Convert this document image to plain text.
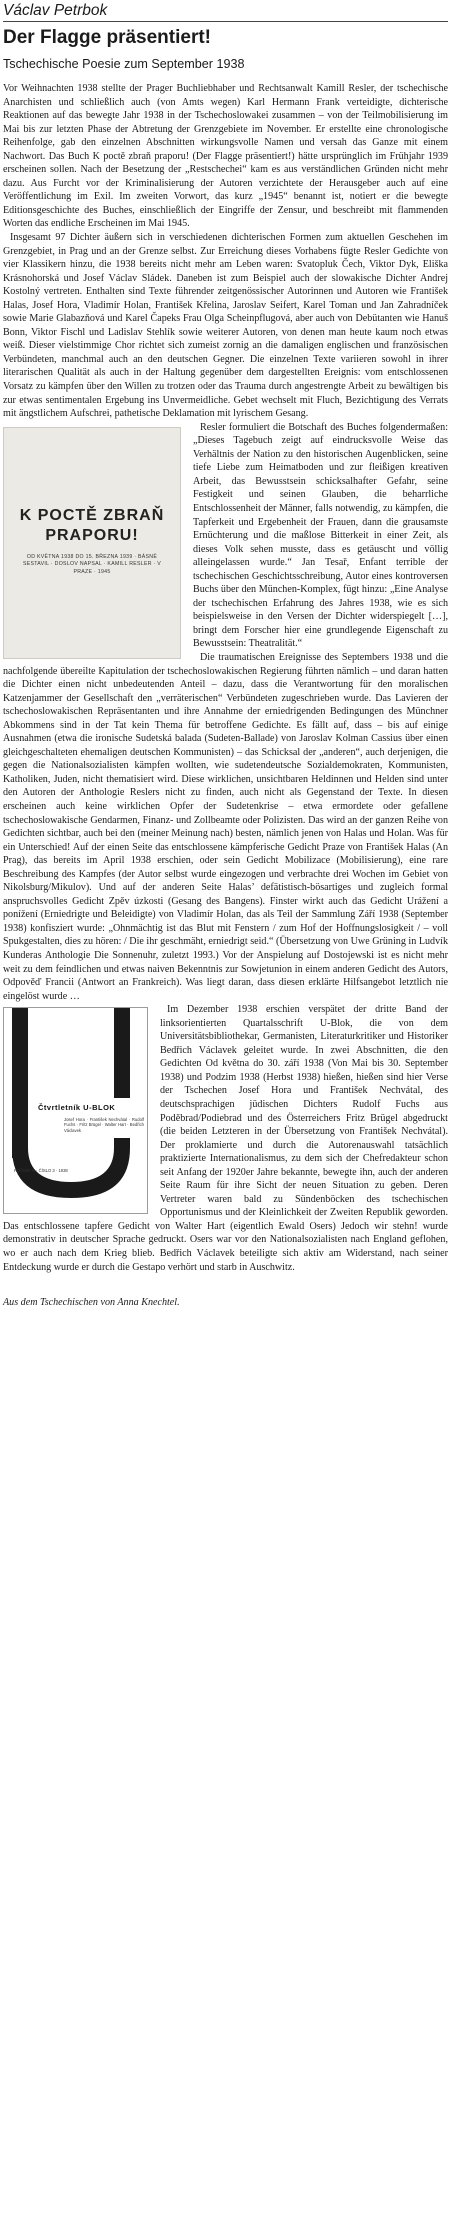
Václav Petrbok
Der Flagge präsentiert!
Tschechische Poesie zum September 1938

Vor Weihnachten 1938 stellte der Prager Buchliebhaber und Rechtsanwalt Kamill Resler, der tschechische Anarchisten und schließlich auch (von Amts wegen) Karl Hermann Frank verteidigte, dichterische Reaktionen auf das bewegte Jahr 1938 in der Tschechoslowakei zusammen – von der Teilmobilisierung im Mai bis zur letzten Phase der Abtretung der Grenzgebiete im November. Er erstellte eine chronologische Reihenfolge, gab den einzelnen Abschnitten wirkungsvolle Namen und versah das Ganze mit einem Nachwort. Das Buch K poctě zbraň praporu! (Der Flagge präsentiert!) hätte ursprünglich im Frühjahr 1939 erscheinen sollen. Nach der Besetzung der „Restschechei“ kam es aus verständlichen Gründen nicht mehr dazu. Aus Furcht vor der Kriminalisierung der Autoren verzichtete der Herausgeber auch auf eine Veröffentlichung im Exil. Im zweiten Vorwort, das kurz „1945“ benannt ist, notiert er die bewegte Editionsgeschichte des Buches, einschließlich der Eingriffe der Zensur, und beschreibt mit flammenden Worten das endliche Erscheinen im Mai 1945.

Insgesamt 97 Dichter äußern sich in verschiedenen dichterischen Formen zum aktuellen Geschehen im Grenzgebiet, in Prag und an der Grenze selbst. Zur Erreichung dieses Vorhabens fügte Resler Gedichte von vier Klassikern hinzu, die 1938 bereits nicht mehr am Leben waren: Svatopluk Čech, Viktor Dyk, Eliška Krásnohorská und Josef Václav Sládek. Daneben ist zum Beispiel auch der slowakische Dichter Andrej Kostolný vertreten. Enthalten sind Texte führender zeitgenössischer Autorinnen und Autoren wie František Halas, Josef Hora, Vladimír Holan, František Křelina, Jaroslav Seifert, Karel Toman und Jan Zahradníček sowie Marie Glabazňová und Karel Čapeks Frau Olga Scheinpflugová, aber auch von Debütanten wie Hanuš Bonn, Viktor Fischl und Ladislav Stehlík sowie weiterer Autoren, von denen man heute kaum noch etwas weiß. Dieser vielstimmige Chor richtet sich zumeist zornig an die damaligen englischen und französischen Verbündeten, manchmal auch an den deutschen Gegner. Die einzelnen Texte variieren sowohl in ihrer literarischen Qualität als auch in der Haltung gegenüber dem dargestellten Ereignis: vom entschlossenen Vorsatz zu kämpfen über den Willen zu trotzen oder das Trauma durch angestrengte Arbeit zu bewältigen bis zur etwas sentimentalen Ergebung ins Unvermeidliche. Gebet wechselt mit Fluch, Bezichtigung des Verrats mit ängstlichem Aufschrei, pathetische Deklamation mit lyrischem Gesang.

K POCTĚ ZBRAŇ
PRAPORU!
OD KVĚTNA 1938 DO 15. BŘEZNA 1939 · BÁSNĚ SESTAVIL · DOSLOV NAPSAL · KAMILL RESLER · V PRAZE · 1945

Resler formuliert die Botschaft des Buches folgendermaßen: „Dieses Tagebuch zeigt auf eindrucksvolle Weise das Verhältnis der Nation zu den historischen Augenblicken, seine tiefe Liebe zum Heimatboden und zur fleißigen kreativen Arbeit, das Bewusstsein schicksalhafter Gefahr, seine Festigkeit und seinen Glauben, die beharrliche Entschlossenheit der Männer, falls notwendig, zu kämpfen, die Tapferkeit und Ergebenheit der Frauen, dann die grausamste Ernüchterung und die maßlose Bitterkeit in einer Zeit, als dieses Volk sehen musste, dass es getäuscht und völlig alleingelassen wurde.“ Jan Tesař, Enfant terrible der tschechischen Geschichtsschreibung, Autor eines kontroversen Buchs über den München-Komplex, fügt hinzu: „Eine Analyse der tschechischen Erfahrung des Jahres 1938, wie es sich beispielsweise in den Versen der Dichter widerspiegelt […], bringt dem Forscher hier eine grundlegende Eigenschaft zu Bewusstsein: Theatralität.“

Die traumatischen Ereignisse des Septembers 1938 und die nachfolgende übereilte Kapitulation der tschechoslowakischen Regierung führten nämlich – und daran hatten die Dichter einen nicht unbedeutenden Anteil – dazu, dass die Verantwortung für den moralischen Katzenjammer der Gesellschaft den „verräterischen“ Verbündeten zugeschrieben wurde. Das Lavieren der tschechoslowakischen Repräsentanten und ihre Annahme der erniedrigenden Bedingungen des Münchner Abkommens sind in der Tat kein Thema für betroffene Gedichte. Es fällt auf, dass – bis auf einige Ausnahmen (etwa die ironische Sudetská balada (Sudeten-Ballade) von Jaroslav Kolman Cassius über einen gleichgeschalteten ehemaligen deutschen Kommunisten) – das Schicksal der „anderen“, auch derjenigen, die gegen die Nationalsozialisten kämpfen wollten, wie sudetendeutsche Sozialdemokraten, Kommunisten, Katholiken, Juden, nicht thematisiert wird. Diese wirklichen, unsichtbaren Heldinnen und Helden sind unter den Autoren der Anthologie Reslers nicht zu finden, auch nicht als Gegenstand der Texte. In diesen erscheinen auch keine wirklichen Opfer der Sudetenkrise – etwa ermordete oder gefallene tschechoslowakische Gendarmen, Finanz- und Zollbeamte oder Polizisten. Das wird an der ganzen Reihe von Gedichten sichtbar, auch bei den (meiner Meinung nach) besten, nämlich jenen von Halas und Holan. Was für ein Unterschied! Auf der einen Seite das entschlossene kämpferische Gedicht Praze von František Halas (An Prag), das bereits im April 1938 erschien, oder sein Gedicht Mobilizace (Mobilisierung), eine rare Beschreibung des Kampfes (der Autor selbst wurde eingezogen und verbrachte drei Wochen im Gebiet von Nikolsburg/Mikulov). Und auf der anderen Seite Halas’ defätistisch-bösartiges und zugleich formal anspruchsvolles Gedicht Zpěv úzkosti (Gesang des Bangens). Finster wirkt auch das Gedicht Urážení a ponížení (Erniedrigte und Beleidigte) von Vladimír Holan, das als Teil der Sammlung Září 1938 (September 1938) konfisziert wurde: „Ohnmächtig ist das Blut mit Fenstern / zum Hof der Hoffnungslosigkeit / – voll Spukgestalten, dies zu hören: / Die ihr geschmäht, erniedrigt seid.“ (Übersetzung von Uwe Grüning in Ludvík Kunderas Anthologie Die Sonnenuhr, zuletzt 1993.) Vor der Anspielung auf Dostojewski ist es nicht mehr weit zu dem feindlichen und etwas naiven Bekenntnis zur Sowjetunion in einem anderen Gedicht des Autors, Odpověď Francii (Antwort an Frankreich). Was liegt daran, dass diesen erklärte Hilfsangebot letztlich nie eingelöst wurde …

Čtvrtletník U-BLOK
Josef Hora · František Nechvátal · Rudolf Fuchs · Fritz Brügel · Walter Hart · Bedřich Václavek
ROČNÍK III · ČÍSLO 3 · 1938

Im Dezember 1938 erschien verspätet der dritte Band der linksorientierten Quartalsschrift U-Blok, die von dem Universitätsbibliothekar, Germanisten, Literaturkritiker und Historiker Bedřich Václavek geleitet wurde. In zwei Abschnitten, die den Gedichten Od května do 30. září 1938 (Von Mai bis 30. September 1938) und Podzim 1938 (Herbst 1938) hießen, hießen sind hier Verse der Tschechen Josef Hora und František Nechvátal, des deutschsprachigen jüdischen Dichters Rudolf Fuchs aus Poděbrad/Podiebrad und des Österreichers Fritz Brügel abgedruckt (die beiden Letzteren in der Übersetzung von František Nechvátal). Der proklamierte und durch die Autorenauswahl tatsächlich praktizierte Internationalismus, zu dem sich der Chefredakteur schon seit Anfang der 1920er Jahre bekannte, bewegte ihn, auch der anderen Seite Raum für ihre Sicht der neuen Situation zu geben. Deren Vertreter waren bald zu Sündenböcken des tschechischen Opportunismus und der Kleinlichkeit der Zweiten Republik geworden. Das entschlossene tapfere Gedicht von Walter Hart (eigentlich Ewald Osers) Jedoch wir stehn! wurde demonstrativ in deutscher Sprache gedruckt. Osers war vor den Nationalsozialisten nach England geflohen, wo er auch nach dem Krieg blieb. Bedřich Václavek beteiligte sich aktiv am Widerstand, nach seiner Entdeckung wurde er durch die Gestapo verhört und starb in Auschwitz.

Aus dem Tschechischen von Anna Knechtel.
